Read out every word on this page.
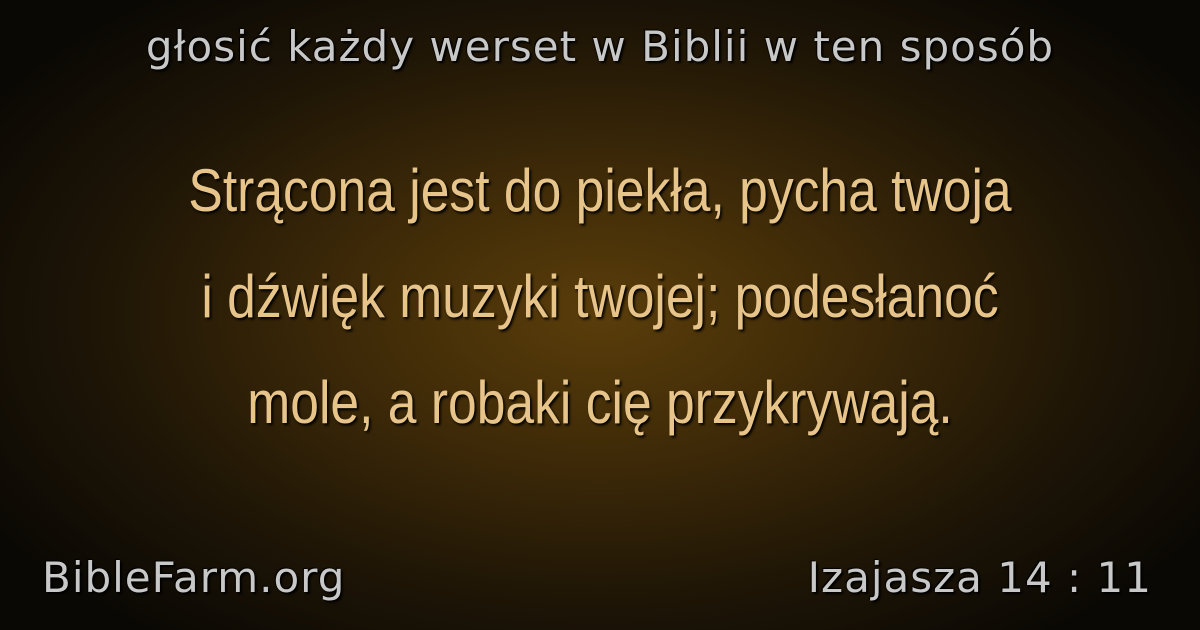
głosić każdy werset w Biblii w ten sposób
Strącona jest do piekła, pycha twoja
i dźwięk muzyki twojej; podesłanoć
mole, a robaki cię przykrywają.
BibleFarm.org	Izajasza 14 : 11
